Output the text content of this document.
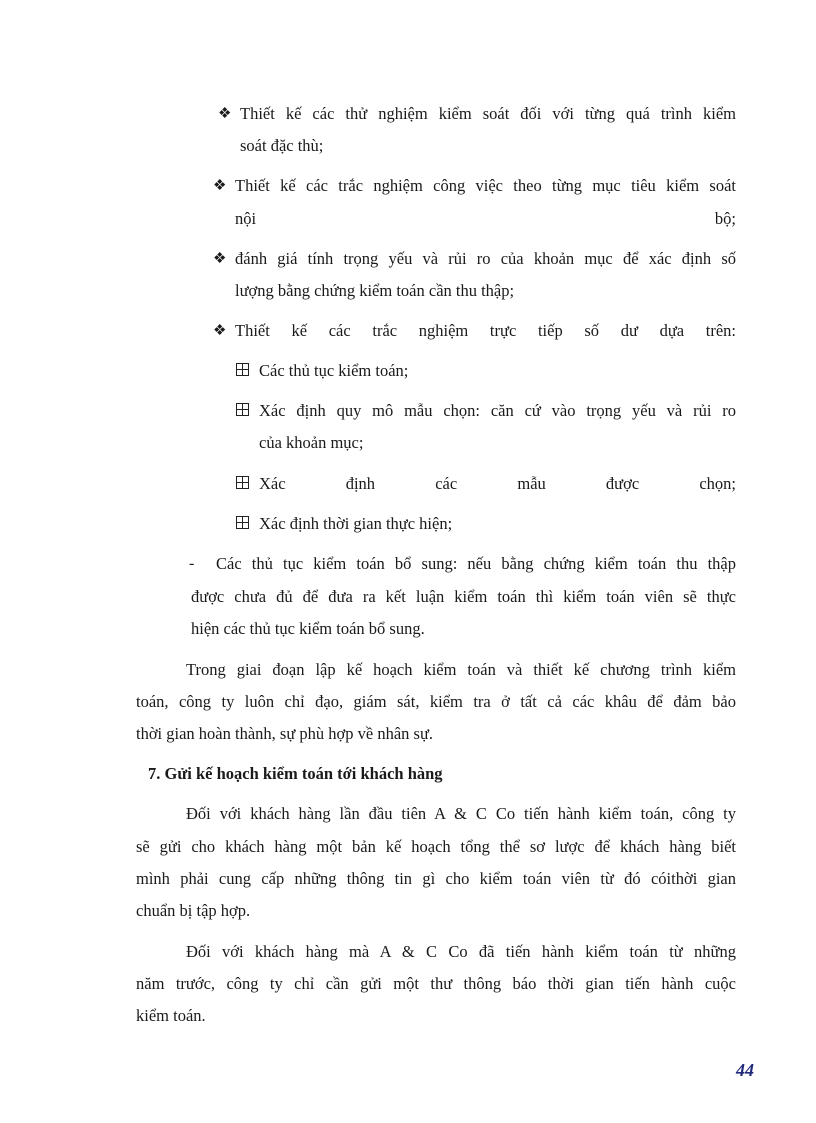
❖ Thiết kế các thử nghiệm kiểm soát đối với từng quá trình kiểm

soát đặc thù;

❖ Thiết kế các trắc nghiệm công việc theo từng mục tiêu kiểm soát

nội bộ;

❖ đánh giá tính trọng yếu và rủi ro của khoản mục để xác định số

lượng bằng chứng kiểm toán cần thu thập;

❖ Thiết kế các trắc nghiệm trực tiếp số dư dựa trên:

Các thủ tục kiểm toán;

Xác định quy mô mẫu chọn: căn cứ vào trọng yếu và rủi ro

của khoản mục;

Xác định các mẫu được chọn;

Xác định thời gian thực hiện;

- Các thủ tục kiểm toán bổ sung: nếu bằng chứng kiểm toán thu thập

được chưa đủ để đưa ra kết luận kiểm toán thì kiểm toán viên sẽ thực

hiện các thủ tục kiểm toán bổ sung.

Trong giai đoạn lập kế hoạch kiểm toán và thiết kế chương trình kiểm

toán, công ty luôn chỉ đạo, giám sát, kiểm tra ở tất cả các khâu để đảm bảo

thời gian hoàn thành, sự phù hợp về nhân sự.

7. Gửi kế hoạch kiểm toán tới khách hàng

Đối với khách hàng lần đầu tiên A & C Co tiến hành kiểm toán, công ty

sẽ gửi cho khách hàng một bản kế hoạch tổng thể sơ lược để khách hàng biết

mình phải cung cấp những thông tin gì cho kiểm toán viên từ đó cóithời gian

chuẩn bị tập hợp.

Đối với khách hàng mà A & C Co đã tiến hành kiểm toán từ những

năm trước, công ty chỉ cần gửi một thư thông báo thời gian tiến hành cuộc

kiểm toán.

44
